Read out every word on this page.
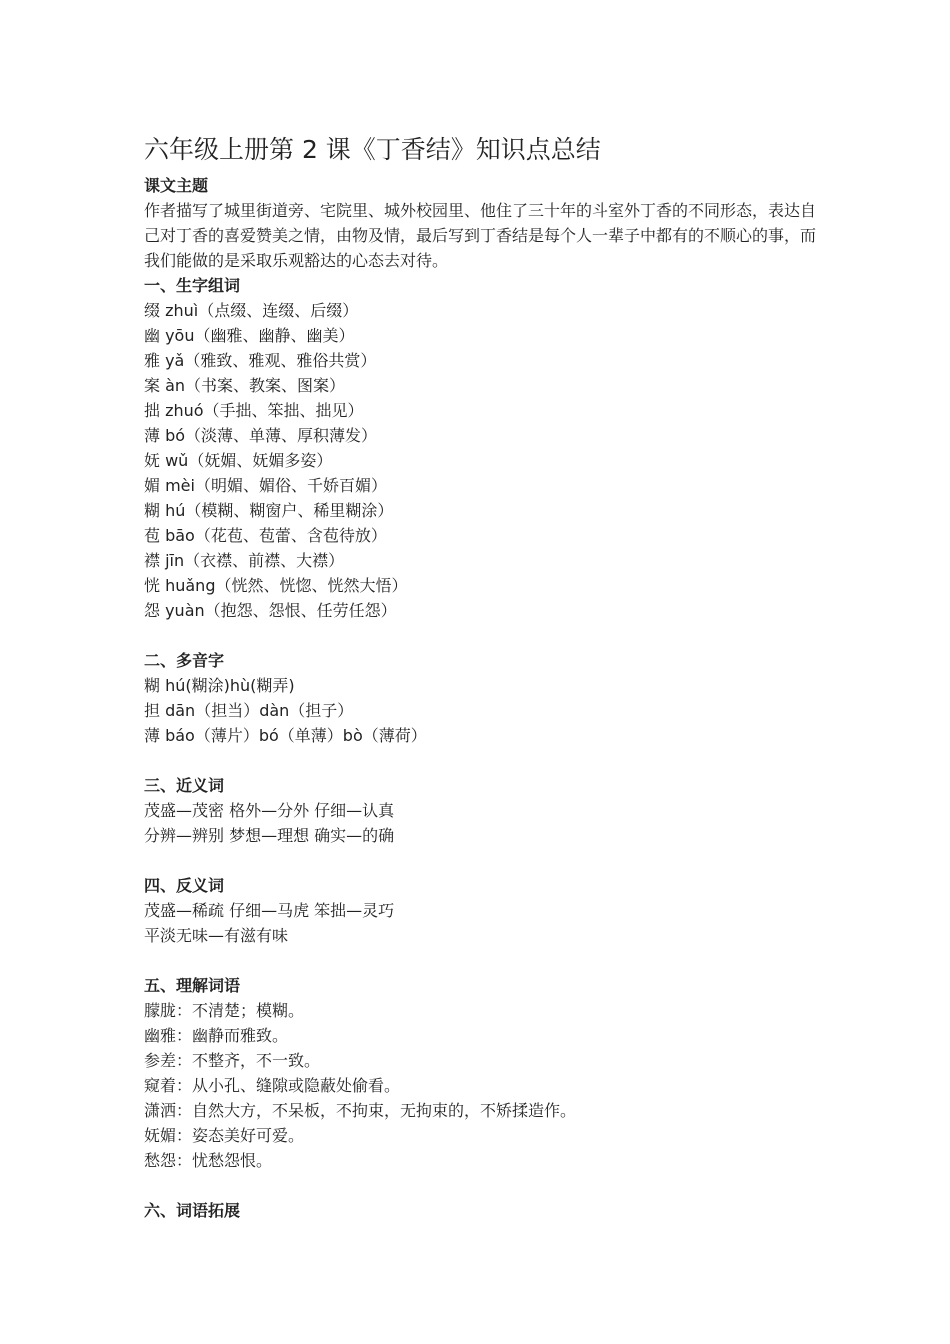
六年级上册第 2 课《丁香结》知识点总结

课文主题

作者描写了城里街道旁、宅院里、城外校园里、他住了三十年的斗室外丁香的不同形态，表达自己对丁香的喜爱赞美之情，由物及情，最后写到丁香结是每个人一辈子中都有的不顺心的事，而我们能做的是采取乐观豁达的心态去对待。

一、生字组词

缀 zhuì（点缀、连缀、后缀）

幽 yōu（幽雅、幽静、幽美）

雅 yǎ（雅致、雅观、雅俗共赏）

案 àn（书案、教案、图案）

拙 zhuó（手拙、笨拙、拙见）

薄 bó（淡薄、单薄、厚积薄发）

妩 wǔ（妩媚、妩媚多姿）

媚 mèi（明媚、媚俗、千娇百媚）

糊 hú（模糊、糊窗户、稀里糊涂）

苞 bāo（花苞、苞蕾、含苞待放）

襟 jīn（衣襟、前襟、大襟）

恍 huǎng（恍然、恍惚、恍然大悟）

怨 yuàn（抱怨、怨恨、任劳任怨）

二、多音字

糊 hú(糊涂)hù(糊弄)

担 dān（担当）dàn（担子）

薄 báo（薄片）bó（单薄）bò（薄荷）

三、近义词

茂盛—茂密 格外—分外 仔细—认真

分辨—辨别 梦想—理想 确实—的确

四、反义词

茂盛—稀疏 仔细—马虎 笨拙—灵巧

平淡无味—有滋有味

五、理解词语

朦胧：不清楚；模糊。

幽雅：幽静而雅致。

参差：不整齐，不一致。

窥着：从小孔、缝隙或隐蔽处偷看。

潇洒：自然大方，不呆板，不拘束，无拘束的，不矫揉造作。

妩媚：姿态美好可爱。

愁怨：忧愁怨恨。

六、词语拓展
